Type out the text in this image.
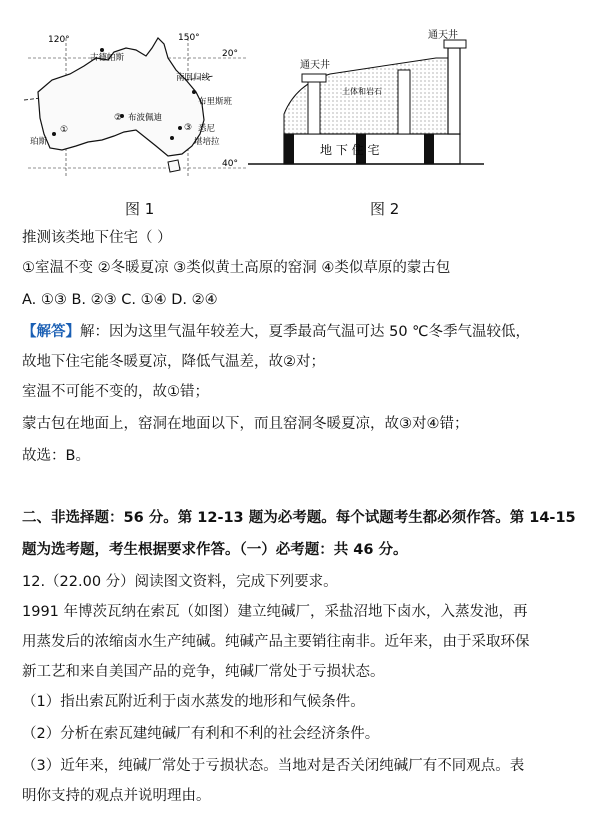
120°	150°
20°
40°
古德帕斯
南回归线
布里斯班
② 布波佩迪
③ 悉尼
堪培拉
①
珀斯
图 1
通天井
通天井
土体和岩石
地 下 住 宅
图 2
推测该类地下住宅（ ）
①室温不变 ②冬暖夏凉 ③类似黄土高原的窑洞 ④类似草原的蒙古包
A. ①③ B. ②③ C. ①④ D. ②④
【解答】解：因为这里气温年较差大，夏季最高气温可达 50 ℃冬季气温较低，
故地下住宅能冬暖夏凉，降低气温差，故②对；
室温不可能不变的，故①错；
蒙古包在地面上，窑洞在地面以下，而且窑洞冬暖夏凉，故③对④错；
故选：B。
二、非选择题：56 分。第 12-13 题为必考题。每个试题考生都必须作答。第 14-15
题为选考题，考生根据要求作答。（一）必考题：共 46 分。
12.（22.00 分）阅读图文资料，完成下列要求。
1991 年博茨瓦纳在索瓦（如图）建立纯碱厂，采盐沼地下卤水，入蒸发池，再
用蒸发后的浓缩卤水生产纯碱。纯碱产品主要销往南非。近年来，由于采取环保
新工艺和来自美国产品的竞争，纯碱厂常处于亏损状态。
（1）指出索瓦附近利于卤水蒸发的地形和气候条件。
（2）分析在索瓦建纯碱厂有利和不利的社会经济条件。
（3）近年来，纯碱厂常处于亏损状态。当地对是否关闭纯碱厂有不同观点。表
明你支持的观点并说明理由。
